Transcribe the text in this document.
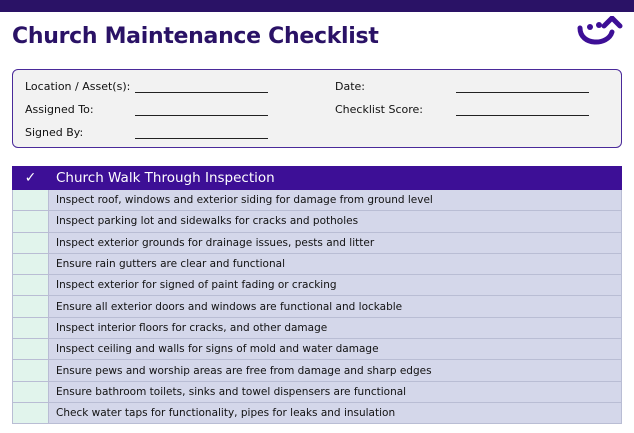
Church Maintenance Checklist
Location / Asset(s):
Assigned To:
Signed By:
Date:
Checklist Score:
✓	Church Walk Through Inspection
	Inspect roof, windows and exterior siding for damage from ground level
	Inspect parking lot and sidewalks for cracks and potholes
	Inspect exterior grounds for drainage issues, pests and litter
	Ensure rain gutters are clear and functional
	Inspect exterior for signed of paint fading or cracking
	Ensure all exterior doors and windows are functional and lockable
	Inspect interior floors for cracks, and other damage
	Inspect ceiling and walls for signs of mold and water damage
	Ensure pews and worship areas are free from damage and sharp edges
	Ensure bathroom toilets, sinks and towel dispensers are functional
	Check water taps for functionality, pipes for leaks and insulation
